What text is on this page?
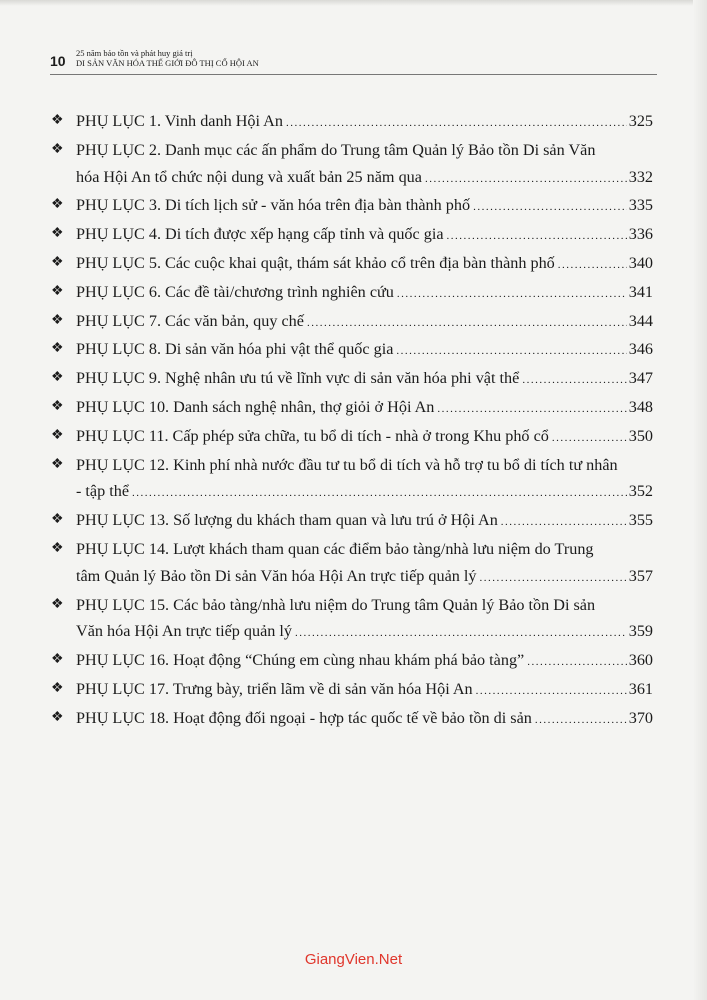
10 25 năm bảo tồn và phát huy giá trị
DI SẢN VĂN HÓA THẾ GIỚI ĐÔ THỊ CỔ HỘI AN
❖ PHỤ LỤC 1. Vinh danh Hội An .....	325
❖ PHỤ LỤC 2. Danh mục các ấn phẩm do Trung tâm Quản lý Bảo tồn Di sản Văn
hóa Hội An tổ chức nội dung và xuất bản 25 năm qua .....	332
❖ PHỤ LỤC 3. Di tích lịch sử - văn hóa trên địa bàn thành phố .....	335
❖ PHỤ LỤC 4. Di tích được xếp hạng cấp tỉnh và quốc gia .....	336
❖ PHỤ LỤC 5. Các cuộc khai quật, thám sát khảo cổ trên địa bàn thành phố .....	340
❖ PHỤ LỤC 6. Các đề tài/chương trình nghiên cứu .....	341
❖ PHỤ LỤC 7. Các văn bản, quy chế .....	344
❖ PHỤ LỤC 8. Di sản văn hóa phi vật thể quốc gia .....	346
❖ PHỤ LỤC 9. Nghệ nhân ưu tú về lĩnh vực di sản văn hóa phi vật thể .....	347
❖ PHỤ LỤC 10. Danh sách nghệ nhân, thợ giỏi ở Hội An .....	348
❖ PHỤ LỤC 11. Cấp phép sửa chữa, tu bổ di tích - nhà ở trong Khu phố cổ .....	350
❖ PHỤ LỤC 12. Kinh phí nhà nước đầu tư tu bổ di tích và hỗ trợ tu bổ di tích tư nhân
- tập thể .....	352
❖ PHỤ LỤC 13. Số lượng du khách tham quan và lưu trú ở Hội An .....	355
❖ PHỤ LỤC 14. Lượt khách tham quan các điểm bảo tàng/nhà lưu niệm do Trung
tâm Quản lý Bảo tồn Di sản Văn hóa Hội An trực tiếp quản lý .....	357
❖ PHỤ LỤC 15. Các bảo tàng/nhà lưu niệm do Trung tâm Quản lý Bảo tồn Di sản
Văn hóa Hội An trực tiếp quản lý .....	359
❖ PHỤ LỤC 16. Hoạt động “Chúng em cùng nhau khám phá bảo tàng” .....	360
❖ PHỤ LỤC 17. Trưng bày, triển lãm về di sản văn hóa Hội An .....	361
❖ PHỤ LỤC 18. Hoạt động đối ngoại - hợp tác quốc tế về bảo tồn di sản .....	370
GiangVien.Net
